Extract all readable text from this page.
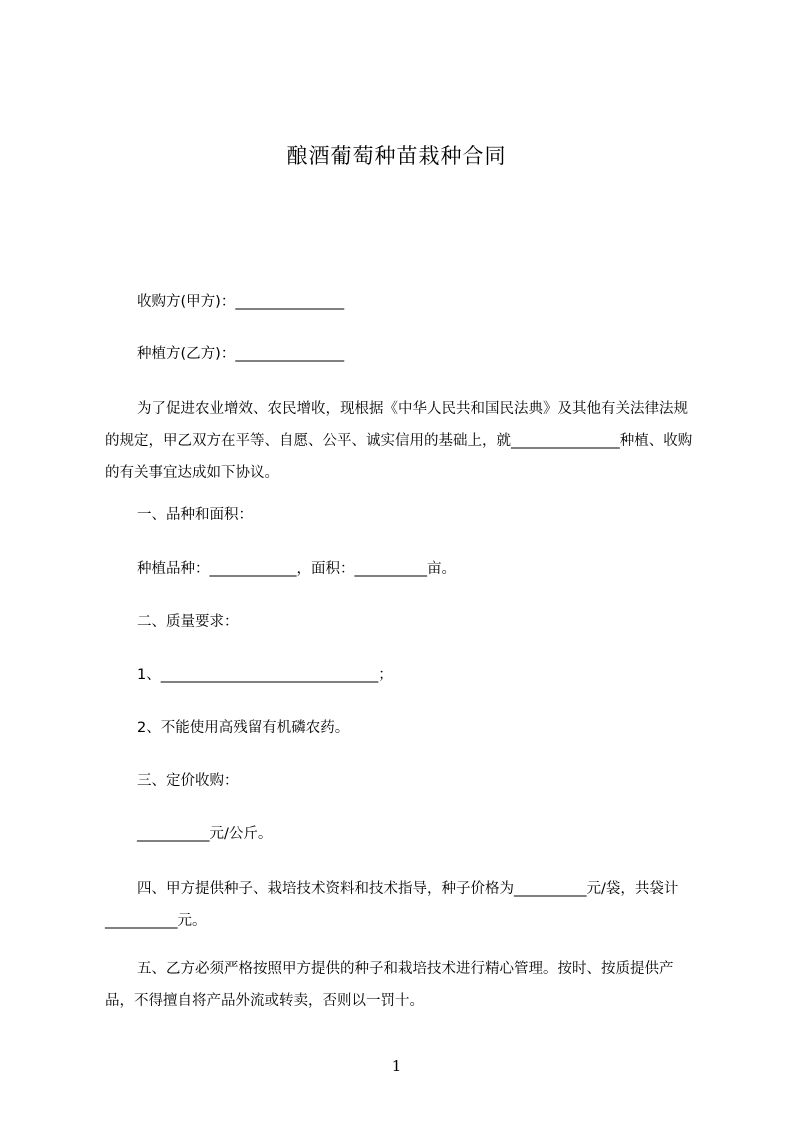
酿酒葡萄种苗栽种合同
收购方(甲方)：_______________
种植方(乙方)：_______________
为了促进农业增效、农民增收，现根据《中华人民共和国民法典》及其他有关法律法规的规定，甲乙双方在平等、自愿、公平、诚实信用的基础上，就_______________种植、收购的有关事宜达成如下协议。
一、品种和面积：
种植品种：____________，面积：__________亩。
二、质量要求：
1、______________________________；
2、不能使用高残留有机磷农药。
三、定价收购：
__________元/公斤。
四、甲方提供种子、栽培技术资料和技术指导，种子价格为__________元/袋，共袋计__________元。
五、乙方必须严格按照甲方提供的种子和栽培技术进行精心管理。按时、按质提供产品，不得擅自将产品外流或转卖，否则以一罚十。
1
